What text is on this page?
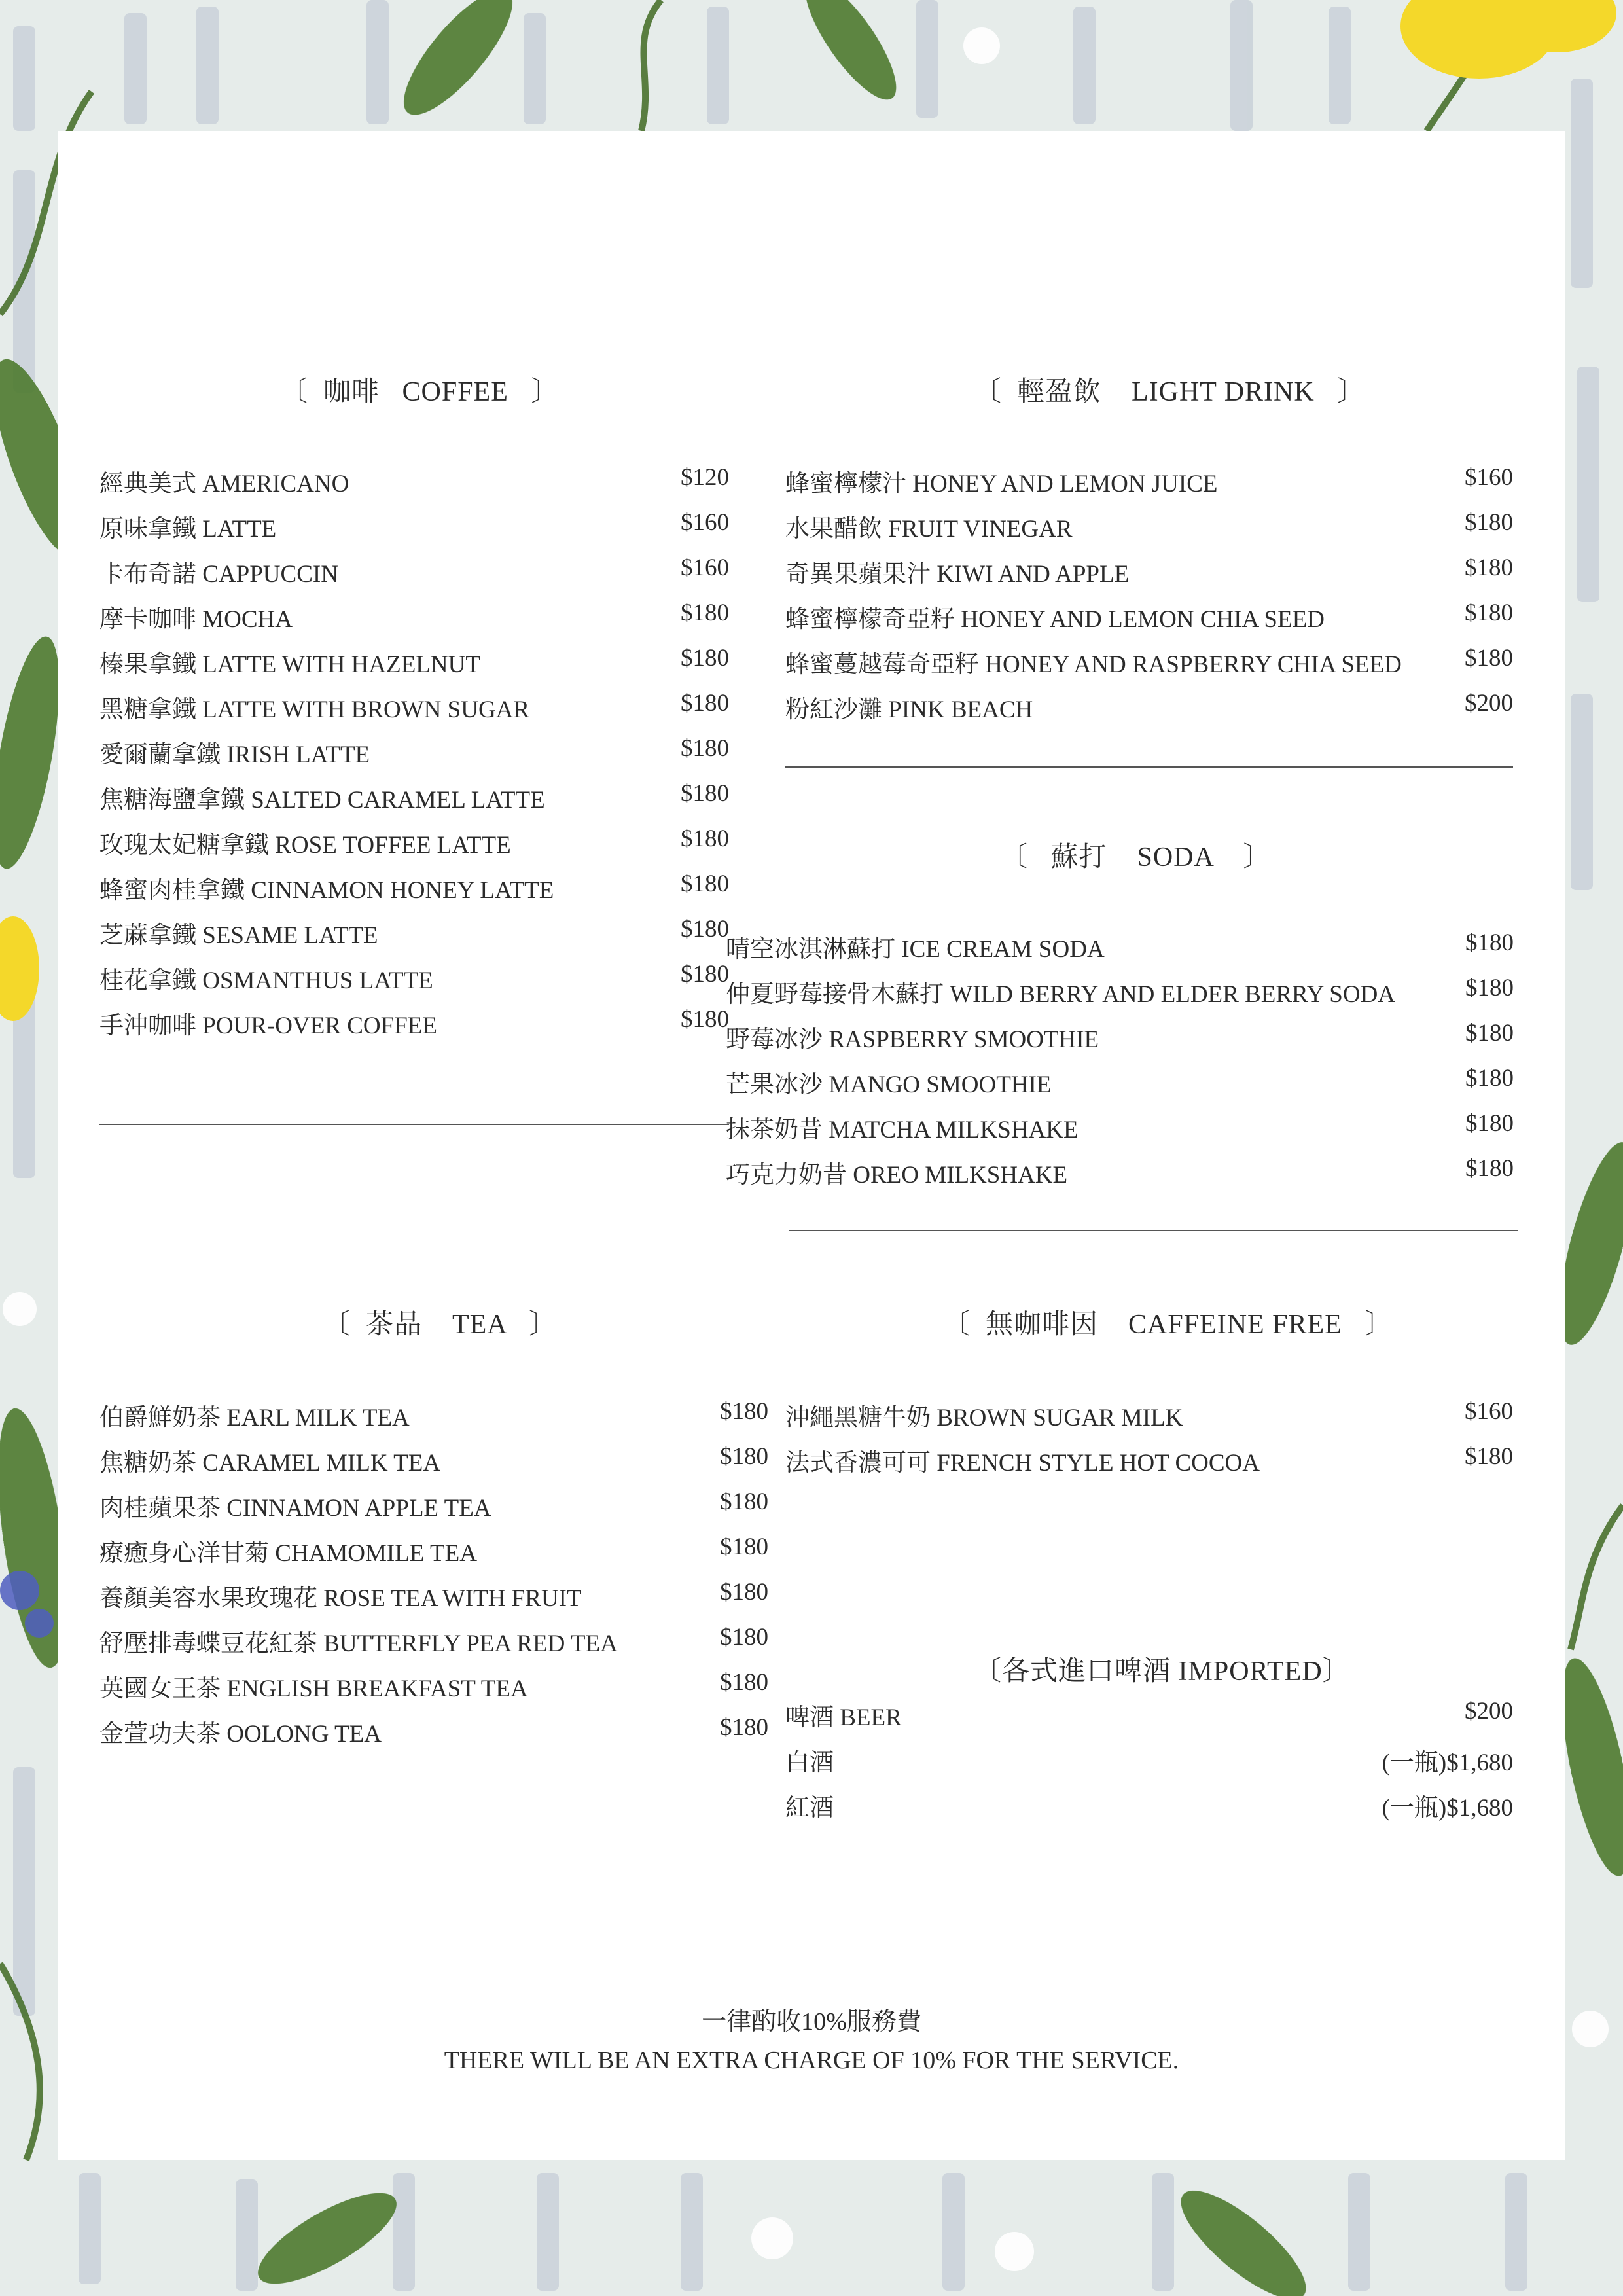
〔  咖啡   COFFEE   〕
經典美式 AMERICANO	$120
原味拿鐵 LATTE	$160
卡布奇諾 CAPPUCCIN	$160
摩卡咖啡 MOCHA	$180
榛果拿鐵 LATTE WITH HAZELNUT	$180
黑糖拿鐵 LATTE WITH BROWN SUGAR	$180
愛爾蘭拿鐵 IRISH LATTE	$180
焦糖海鹽拿鐵 SALTED CARAMEL LATTE	$180
玫瑰太妃糖拿鐵 ROSE TOFFEE LATTE	$180
蜂蜜肉桂拿鐵 CINNAMON HONEY LATTE	$180
芝蔴拿鐵 SESAME LATTE	$180
桂花拿鐵 OSMANTHUS LATTE	$180
手沖咖啡 POUR-OVER COFFEE	$180
〔  輕盈飲    LIGHT DRINK   〕
蜂蜜檸檬汁 HONEY AND LEMON JUICE	$160
水果醋飲 FRUIT VINEGAR	$180
奇異果蘋果汁 KIWI AND APPLE	$180
蜂蜜檸檬奇亞籽 HONEY AND LEMON CHIA SEED	$180
蜂蜜蔓越莓奇亞籽 HONEY AND RASPBERRY CHIA SEED	$180
粉紅沙灘 PINK BEACH	$200
〔   蘇打    SODA    〕
晴空冰淇淋蘇打 ICE CREAM SODA	$180
仲夏野莓接骨木蘇打 WILD BERRY AND ELDER BERRY SODA	$180
野莓冰沙 RASPBERRY SMOOTHIE	$180
芒果冰沙 MANGO SMOOTHIE	$180
抹茶奶昔 MATCHA MILKSHAKE	$180
巧克力奶昔 OREO MILKSHAKE	$180
〔  茶品    TEA   〕
伯爵鮮奶茶 EARL MILK TEA	$180
焦糖奶茶 CARAMEL MILK TEA	$180
肉桂蘋果茶 CINNAMON APPLE TEA	$180
療癒身心洋甘菊 CHAMOMILE TEA	$180
養顏美容水果玫瑰花 ROSE TEA WITH FRUIT	$180
舒壓排毒蝶豆花紅茶 BUTTERFLY PEA RED TEA	$180
英國女王茶 ENGLISH BREAKFAST TEA	$180
金萱功夫茶 OOLONG TEA	$180
〔  無咖啡因    CAFFEINE FREE   〕
沖繩黑糖牛奶 BROWN SUGAR MILK	$160
法式香濃可可 FRENCH STYLE HOT COCOA	$180
〔各式進口啤酒 IMPORTED〕
啤酒 BEER	$200
白酒	(一瓶)$1,680
紅酒	(一瓶)$1,680
一律酌收10%服務費
THERE WILL BE AN EXTRA CHARGE OF 10% FOR THE SERVICE.
